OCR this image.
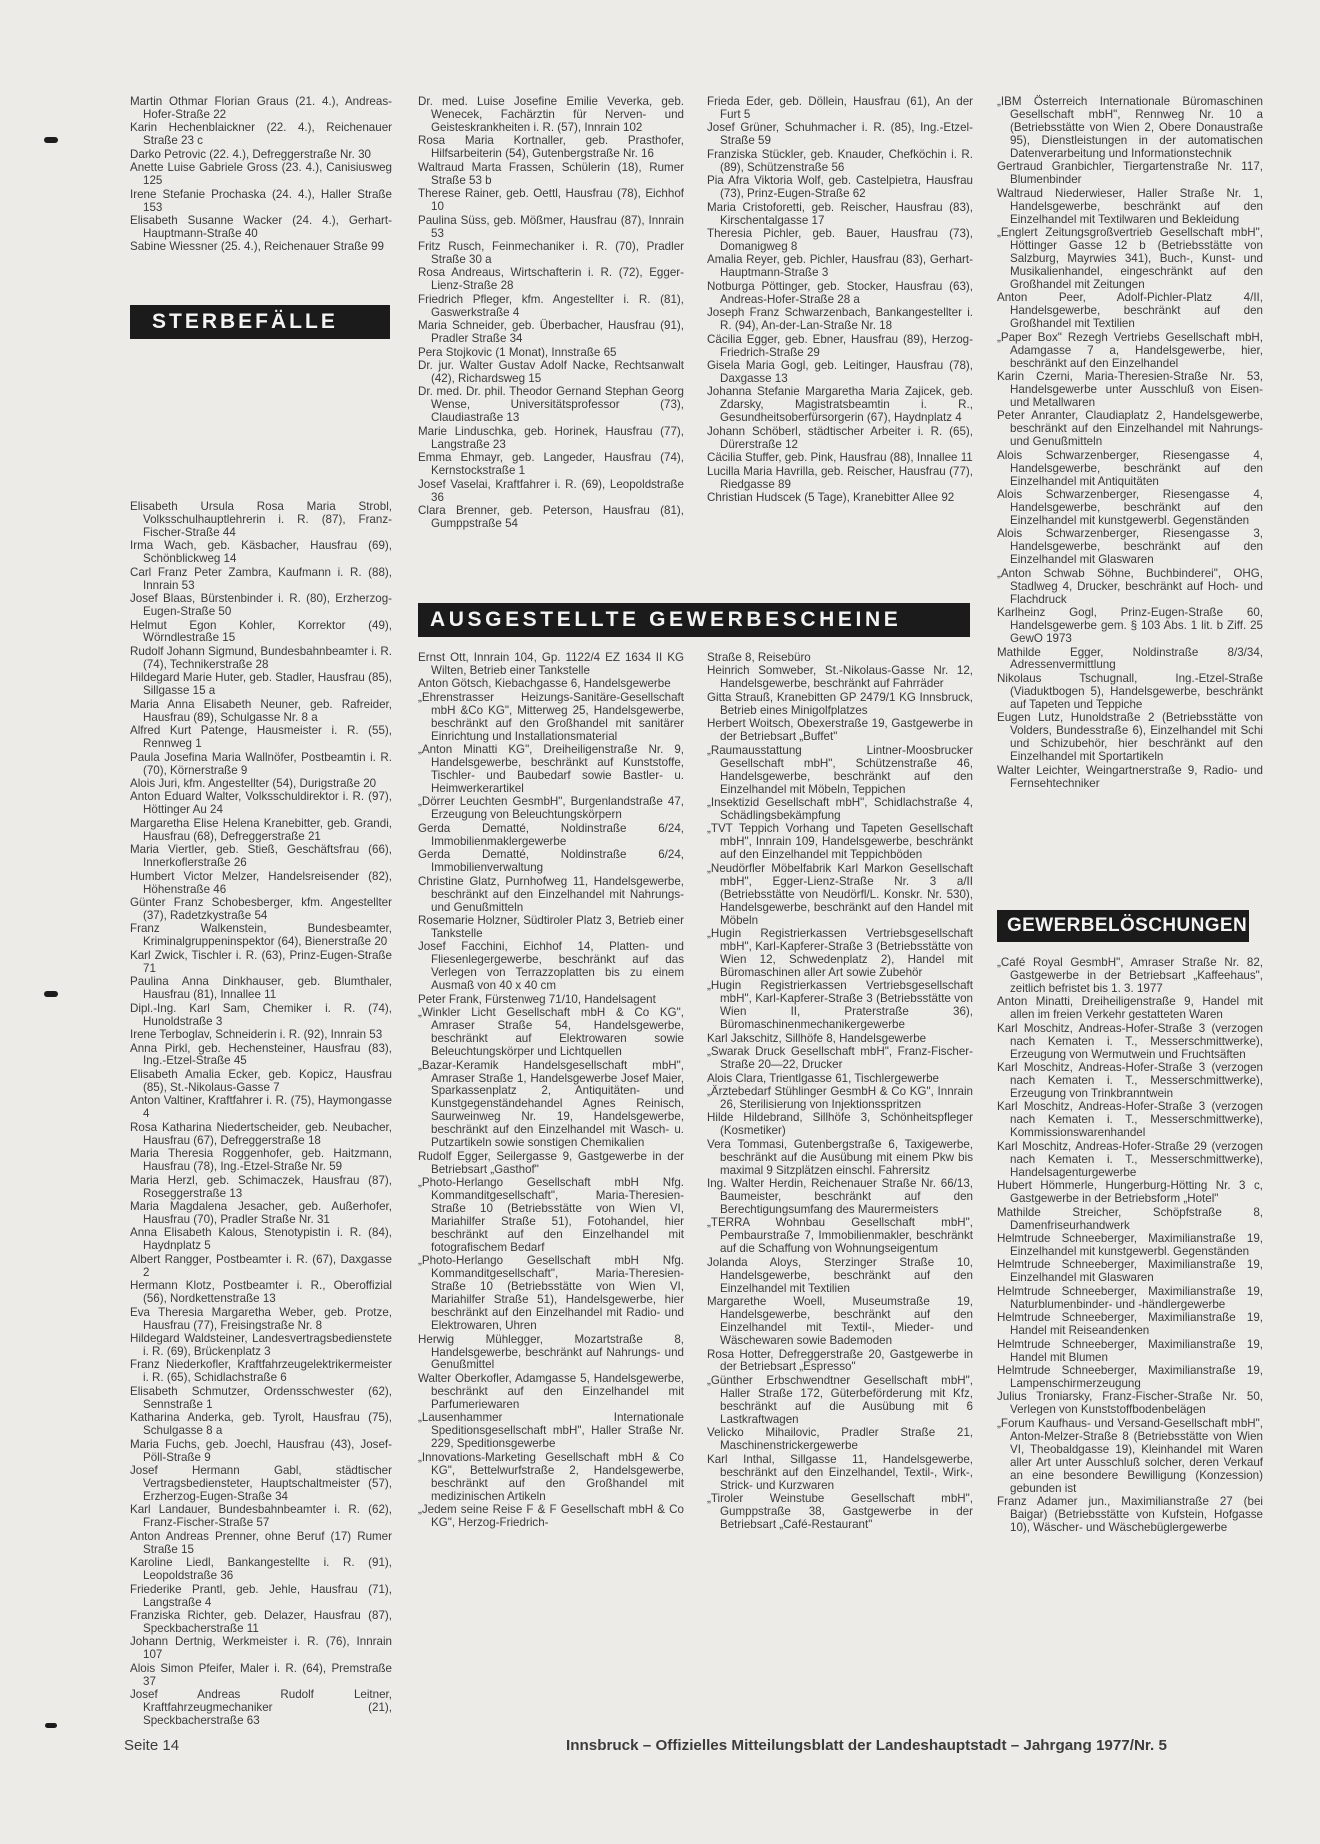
Martin Othmar Florian Graus (21. 4.), Andreas-Hofer-Straße 22
Karin Hechenblaickner (22. 4.), Reichenauer Straße 23 c
Darko Petrovic (22. 4.), Defreggerstraße Nr. 30
Anette Luise Gabriele Gross (23. 4.), Canisiusweg 125
Irene Stefanie Prochaska (24. 4.), Haller Straße 153
Elisabeth Susanne Wacker (24. 4.), Gerhart-Hauptmann-Straße 40
Sabine Wiessner (25. 4.), Reichenauer Straße 99
Elisabeth Ursula Rosa Maria Strobl, Volksschulhauptlehrerin i. R. (87), Franz-Fischer-Straße 44
Irma Wach, geb. Käsbacher, Hausfrau (69), Schönblickweg 14
Carl Franz Peter Zambra, Kaufmann i. R. (88), Innrain 53
Josef Blaas, Bürstenbinder i. R. (80), Erzherzog-Eugen-Straße 50
Helmut Egon Kohler, Korrektor (49), Wörndlestraße 15
Rudolf Johann Sigmund, Bundesbahnbeamter i. R. (74), Technikerstraße 28
Hildegard Marie Huter, geb. Stadler, Hausfrau (85), Sillgasse 15 a
Maria Anna Elisabeth Neuner, geb. Rafreider, Hausfrau (89), Schulgasse Nr. 8 a
Alfred Kurt Patenge, Hausmeister i. R. (55), Rennweg 1
Paula Josefina Maria Wallnöfer, Postbeamtin i. R. (70), Körnerstraße 9
Alois Juri, kfm. Angestellter (54), Durigstraße 20
Anton Eduard Walter, Volksschuldirektor i. R. (97), Höttinger Au 24
Margaretha Elise Helena Kranebitter, geb. Grandi, Hausfrau (68), Defreggerstraße 21
Maria Viertler, geb. Stieß, Geschäftsfrau (66), Innerkoflerstraße 26
Humbert Victor Melzer, Handelsreisender (82), Höhenstraße 46
Günter Franz Schobesberger, kfm. Angestellter (37), Radetzkystraße 54
Franz Walkenstein, Bundesbeamter, Kriminalgruppeninspektor (64), Bienerstraße 20
Karl Zwick, Tischler i. R. (63), Prinz-Eugen-Straße 71
Paulina Anna Dinkhauser, geb. Blumthaler, Hausfrau (81), Innallee 11
Dipl.-Ing. Karl Sam, Chemiker i. R. (74), Hunoldstraße 3
Irene Terboglav, Schneiderin i. R. (92), Innrain 53
Anna Pirkl, geb. Hechensteiner, Hausfrau (83), Ing.-Etzel-Straße 45
Elisabeth Amalia Ecker, geb. Kopicz, Hausfrau (85), St.-Nikolaus-Gasse 7
Anton Valtiner, Kraftfahrer i. R. (75), Haymongasse 4
Rosa Katharina Niedertscheider, geb. Neubacher, Hausfrau (67), Defreggerstraße 18
Maria Theresia Roggenhofer, geb. Haitzmann, Hausfrau (78), Ing.-Etzel-Straße Nr. 59
Maria Herzl, geb. Schimaczek, Hausfrau (87), Roseggerstraße 13
Maria Magdalena Jesacher, geb. Außerhofer, Hausfrau (70), Pradler Straße Nr. 31
Anna Elisabeth Kalous, Stenotypistin i. R. (84), Haydnplatz 5
Albert Rangger, Postbeamter i. R. (67), Daxgasse 2
Hermann Klotz, Postbeamter i. R., Oberoffizial (56), Nordkettenstraße 13
Eva Theresia Margaretha Weber, geb. Protze, Hausfrau (77), Freisingstraße Nr. 8
Hildegard Waldsteiner, Landesvertragsbedienstete i. R. (69), Brückenplatz 3
Franz Niederkofler, Kraftfahrzeugelektrikermeister i. R. (65), Schidlachstraße 6
Elisabeth Schmutzer, Ordensschwester (62), Sennstraße 1
Katharina Anderka, geb. Tyrolt, Hausfrau (75), Schulgasse 8 a
Maria Fuchs, geb. Joechl, Hausfrau (43), Josef-Pöll-Straße 9
Josef Hermann Gabl, städtischer Vertragsbediensteter, Hauptschaltmeister (57), Erzherzog-Eugen-Straße 34
Karl Landauer, Bundesbahnbeamter i. R. (62), Franz-Fischer-Straße 57
Anton Andreas Prenner, ohne Beruf (17) Rumer Straße 15
Karoline Liedl, Bankangestellte i. R. (91), Leopoldstraße 36
Friederike Prantl, geb. Jehle, Hausfrau (71), Langstraße 4
Franziska Richter, geb. Delazer, Hausfrau (87), Speckbacherstraße 11
Johann Dertnig, Werkmeister i. R. (76), Innrain 107
Alois Simon Pfeifer, Maler i. R. (64), Premstraße 37
Josef Andreas Rudolf Leitner, Kraftfahrzeugmechaniker (21), Speckbacherstraße 63
STERBEFÄLLE
Dr. med. Luise Josefine Emilie Veverka, geb. Wenecek, Fachärztin für Nerven- und Geisteskrankheiten i. R. (57), Innrain 102
Rosa Maria Kortnaller, geb. Prasthofer, Hilfsarbeiterin (54), Gutenbergstraße Nr. 16
Waltraud Marta Frassen, Schülerin (18), Rumer Straße 53 b
Therese Rainer, geb. Oettl, Hausfrau (78), Eichhof 10
Paulina Süss, geb. Mößmer, Hausfrau (87), Innrain 53
Fritz Rusch, Feinmechaniker i. R. (70), Pradler Straße 30 a
Rosa Andreaus, Wirtschafterin i. R. (72), Egger-Lienz-Straße 28
Friedrich Pfleger, kfm. Angestellter i. R. (81), Gaswerkstraße 4
Maria Schneider, geb. Überbacher, Hausfrau (91), Pradler Straße 34
Pera Stojkovic (1 Monat), Innstraße 65
Dr. jur. Walter Gustav Adolf Nacke, Rechtsanwalt (42), Richardsweg 15
Dr. med. Dr. phil. Theodor Gernand Stephan Georg Wense, Universitätsprofessor (73), Claudiastraße 13
Marie Linduschka, geb. Horinek, Hausfrau (77), Langstraße 23
Emma Ehmayr, geb. Langeder, Hausfrau (74), Kernstockstraße 1
Josef Vaselai, Kraftfahrer i. R. (69), Leopoldstraße 36
Clara Brenner, geb. Peterson, Hausfrau (81), Gumppstraße 54
Frieda Eder, geb. Döllein, Hausfrau (61), An der Furt 5
Josef Grüner, Schuhmacher i. R. (85), Ing.-Etzel-Straße 59
Franziska Stückler, geb. Knauder, Chefköchin i. R. (89), Schützenstraße 56
Pia Afra Viktoria Wolf, geb. Castelpietra, Hausfrau (73), Prinz-Eugen-Straße 62
Maria Cristoforetti, geb. Reischer, Hausfrau (83), Kirschentalgasse 17
Theresia Pichler, geb. Bauer, Hausfrau (73), Domanigweg 8
Amalia Reyer, geb. Pichler, Hausfrau (83), Gerhart-Hauptmann-Straße 3
Notburga Pöttinger, geb. Stocker, Hausfrau (63), Andreas-Hofer-Straße 28 a
Joseph Franz Schwarzenbach, Bankangestellter i. R. (94), An-der-Lan-Straße Nr. 18
Cäcilia Egger, geb. Ebner, Hausfrau (89), Herzog-Friedrich-Straße 29
Gisela Maria Gogl, geb. Leitinger, Hausfrau (78), Daxgasse 13
Johanna Stefanie Margaretha Maria Zajicek, geb. Zdarsky, Magistratsbeamtin i. R., Gesundheitsoberfürsorgerin (67), Haydnplatz 4
Johann Schöberl, städtischer Arbeiter i. R. (65), Dürerstraße 12
Cäcilia Stuffer, geb. Pink, Hausfrau (88), Innallee 11
Lucilla Maria Havrilla, geb. Reischer, Hausfrau (77), Riedgasse 89
Christian Hudscek (5 Tage), Kranebitter Allee 92
AUSGESTELLTE GEWERBESCHEINE
Ernst Ott, Innrain 104, Gp. 1122/4 EZ 1634 II KG Wilten, Betrieb einer Tankstelle
Anton Götsch, Kiebachgasse 6, Handelsgewerbe
„Ehrenstrasser Heizungs-Sanitäre-Gesellschaft mbH &Co KG", Mitterweg 25, Handelsgewerbe, beschränkt auf den Großhandel mit sanitärer Einrichtung und Installationsmaterial
„Anton Minatti KG", Dreiheiligenstraße Nr. 9, Handelsgewerbe, beschränkt auf Kunststoffe, Tischler- und Baubedarf sowie Bastler- u. Heimwerkerartikel
„Dörrer Leuchten GesmbH", Burgenlandstraße 47, Erzeugung von Beleuchtungskörpern
Gerda Dematté, Noldinstraße 6/24, Immobilienmaklergewerbe
Gerda Dematté, Noldinstraße 6/24, Immobilienverwaltung
Christine Glatz, Purnhofweg 11, Handelsgewerbe, beschränkt auf den Einzelhandel mit Nahrungs- und Genußmitteln
Rosemarie Holzner, Südtiroler Platz 3, Betrieb einer Tankstelle
Josef Facchini, Eichhof 14, Platten- und Fliesenlegergewerbe, beschränkt auf das Verlegen von Terrazzoplatten bis zu einem Ausmaß von 40 x 40 cm
Peter Frank, Fürstenweg 71/10, Handelsagent
„Winkler Licht Gesellschaft mbH & Co KG", Amraser Straße 54, Handelsgewerbe, beschränkt auf Elektrowaren sowie Beleuchtungskörper und Lichtquellen
„Bazar-Keramik Handelsgesellschaft mbH", Amraser Straße 1, Handelsgewerbe Josef Maier, Sparkassenplatz 2, Antiquitäten- und Kunstgegenständehandel Agnes Reinisch, Saurweinweg Nr. 19, Handelsgewerbe, beschränkt auf den Einzelhandel mit Wasch- u. Putzartikeln sowie sonstigen Chemikalien
Rudolf Egger, Seilergasse 9, Gastgewerbe in der Betriebsart „Gasthof"
„Photo-Herlango Gesellschaft mbH Nfg. Kommanditgesellschaft", Maria-Theresien-Straße 10 (Betriebsstätte von Wien VI, Mariahilfer Straße 51), Fotohandel, hier beschränkt auf den Einzelhandel mit fotografischem Bedarf
„Photo-Herlango Gesellschaft mbH Nfg. Kommanditgesellschaft", Maria-Theresien-Straße 10 (Betriebsstätte von Wien VI, Mariahilfer Straße 51), Handelsgewerbe, hier beschränkt auf den Einzelhandel mit Radio- und Elektrowaren, Uhren
Herwig Mühlegger, Mozartstraße 8, Handelsgewerbe, beschränkt auf Nahrungs- und Genußmittel
Walter Oberkofler, Adamgasse 5, Handelsgewerbe, beschränkt auf den Einzelhandel mit Parfumeriewaren
„Lausenhammer Internationale Speditionsgesellschaft mbH", Haller Straße Nr. 229, Speditionsgewerbe
„Innovations-Marketing Gesellschaft mbH & Co KG", Bettelwurfstraße 2, Handelsgewerbe, beschränkt auf den Großhandel mit medizinischen Artikeln
„Jedem seine Reise F & F Gesellschaft mbH & Co KG", Herzog-Friedrich-
Straße 8, Reisebüro
Heinrich Somweber, St.-Nikolaus-Gasse Nr. 12, Handelsgewerbe, beschränkt auf Fahrräder
Gitta Strauß, Kranebitten GP 2479/1 KG Innsbruck, Betrieb eines Minigolfplatzes
Herbert Woitsch, Obexerstraße 19, Gastgewerbe in der Betriebsart „Buffet"
„Raumausstattung Lintner-Moosbrucker Gesellschaft mbH", Schützenstraße 46, Handelsgewerbe, beschränkt auf den Einzelhandel mit Möbeln, Teppichen
„Insektizid Gesellschaft mbH", Schidlachstraße 4, Schädlingsbekämpfung
„TVT Teppich Vorhang und Tapeten Gesellschaft mbH", Innrain 109, Handelsgewerbe, beschränkt auf den Einzelhandel mit Teppichböden
„Neudörfler Möbelfabrik Karl Markon Gesellschaft mbH", Egger-Lienz-Straße Nr. 3 a/II (Betriebsstätte von Neudörfl/L. Konskr. Nr. 530), Handelsgewerbe, beschränkt auf den Handel mit Möbeln
„Hugin Registrierkassen Vertriebsgesellschaft mbH", Karl-Kapferer-Straße 3 (Betriebsstätte von Wien 12, Schwedenplatz 2), Handel mit Büromaschinen aller Art sowie Zubehör
„Hugin Registrierkassen Vertriebsgesellschaft mbH", Karl-Kapferer-Straße 3 (Betriebsstätte von Wien II, Praterstraße 36), Büromaschinenmechanikergewerbe
Karl Jakschitz, Sillhöfe 8, Handelsgewerbe
„Swarak Druck Gesellschaft mbH", Franz-Fischer-Straße 20—22, Drucker
Alois Clara, Trientlgasse 61, Tischlergewerbe
„Ärztebedarf Stühlinger GesmbH & Co KG", Innrain 26, Sterilisierung von Injektionsspritzen
Hilde Hildebrand, Sillhöfe 3, Schönheitspfleger (Kosmetiker)
Vera Tommasi, Gutenbergstraße 6, Taxigewerbe, beschränkt auf die Ausübung mit einem Pkw bis maximal 9 Sitzplätzen einschl. Fahrersitz
Ing. Walter Herdin, Reichenauer Straße Nr. 66/13, Baumeister, beschränkt auf den Berechtigungsumfang des Maurermeisters
„TERRA Wohnbau Gesellschaft mbH", Pembaurstraße 7, Immobilienmakler, beschränkt auf die Schaffung von Wohnungseigentum
Jolanda Aloys, Sterzinger Straße 10, Handelsgewerbe, beschränkt auf den Einzelhandel mit Textilien
Margarethe Woell, Museumstraße 19, Handelsgewerbe, beschränkt auf den Einzelhandel mit Textil-, Mieder- und Wäschewaren sowie Bademoden
Rosa Hotter, Defreggerstraße 20, Gastgewerbe in der Betriebsart „Espresso"
„Günther Erbschwendtner Gesellschaft mbH", Haller Straße 172, Güterbeförderung mit Kfz, beschränkt auf die Ausübung mit 6 Lastkraftwagen
Velicko Mihailovic, Pradler Straße 21, Maschinenstrickergewerbe
Karl Inthal, Sillgasse 11, Handelsgewerbe, beschränkt auf den Einzelhandel, Textil-, Wirk-, Strick- und Kurzwaren
„Tiroler Weinstube Gesellschaft mbH", Gumppstraße 38, Gastgewerbe in der Betriebsart „Café-Restaurant"
„IBM Österreich Internationale Büromaschinen Gesellschaft mbH", Rennweg Nr. 10 a (Betriebsstätte von Wien 2, Obere Donaustraße 95), Dienstleistungen in der automatischen Datenverarbeitung und Informationstechnik
Gertraud Granbichler, Tiergartenstraße Nr. 117, Blumenbinder
Waltraud Niederwieser, Haller Straße Nr. 1, Handelsgewerbe, beschränkt auf den Einzelhandel mit Textilwaren und Bekleidung
„Englert Zeitungsgroßvertrieb Gesellschaft mbH", Höttinger Gasse 12 b (Betriebsstätte von Salzburg, Mayrwies 341), Buch-, Kunst- und Musikalienhandel, eingeschränkt auf den Großhandel mit Zeitungen
Anton Peer, Adolf-Pichler-Platz 4/II, Handelsgewerbe, beschränkt auf den Großhandel mit Textilien
„Paper Box" Rezegh Vertriebs Gesellschaft mbH, Adamgasse 7 a, Handelsgewerbe, hier, beschränkt auf den Einzelhandel
Karin Czerni, Maria-Theresien-Straße Nr. 53, Handelsgewerbe unter Ausschluß von Eisen- und Metallwaren
Peter Anranter, Claudiaplatz 2, Handelsgewerbe, beschränkt auf den Einzelhandel mit Nahrungs- und Genußmitteln
Alois Schwarzenberger, Riesengasse 4, Handelsgewerbe, beschränkt auf den Einzelhandel mit Antiquitäten
Alois Schwarzenberger, Riesengasse 4, Handelsgewerbe, beschränkt auf den Einzelhandel mit kunstgewerbl. Gegenständen
Alois Schwarzenberger, Riesengasse 3, Handelsgewerbe, beschränkt auf den Einzelhandel mit Glaswaren
„Anton Schwab Söhne, Buchbinderei", OHG, Stadlweg 4, Drucker, beschränkt auf Hoch- und Flachdruck
Karlheinz Gogl, Prinz-Eugen-Straße 60, Handelsgewerbe gem. § 103 Abs. 1 lit. b Ziff. 25 GewO 1973
Mathilde Egger, Noldinstraße 8/3/34, Adressenvermittlung
Nikolaus Tschugnall, Ing.-Etzel-Straße (Viaduktbogen 5), Handelsgewerbe, beschränkt auf Tapeten und Teppiche
Eugen Lutz, Hunoldstraße 2 (Betriebsstätte von Volders, Bundesstraße 6), Einzelhandel mit Schi und Schizubehör, hier beschränkt auf den Einzelhandel mit Sportartikeln
Walter Leichter, Weingartnerstraße 9, Radio- und Fernsehtechniker
GEWERBELÖSCHUNGEN
„Café Royal GesmbH", Amraser Straße Nr. 82, Gastgewerbe in der Betriebsart „Kaffeehaus", zeitlich befristet bis 1. 3. 1977
Anton Minatti, Dreiheiligenstraße 9, Handel mit allen im freien Verkehr gestatteten Waren
Karl Moschitz, Andreas-Hofer-Straße 3 (verzogen nach Kematen i. T., Messerschmittwerke), Erzeugung von Wermutwein und Fruchtsäften
Karl Moschitz, Andreas-Hofer-Straße 3 (verzogen nach Kematen i. T., Messerschmittwerke), Erzeugung von Trinkbranntwein
Karl Moschitz, Andreas-Hofer-Straße 3 (verzogen nach Kematen i. T., Messerschmittwerke), Kommissionswarenhandel
Karl Moschitz, Andreas-Hofer-Straße 29 (verzogen nach Kematen i. T., Messerschmittwerke), Handelsagenturgewerbe
Hubert Hömmerle, Hungerburg-Hötting Nr. 3 c, Gastgewerbe in der Betriebsform „Hotel"
Mathilde Streicher, Schöpfstraße 8, Damenfriseurhandwerk
Helmtrude Schneeberger, Maximilianstraße 19, Einzelhandel mit kunstgewerbl. Gegenständen
Helmtrude Schneeberger, Maximilianstraße 19, Einzelhandel mit Glaswaren
Helmtrude Schneeberger, Maximilianstraße 19, Naturblumenbinder- und -händlergewerbe
Helmtrude Schneeberger, Maximilianstraße 19, Handel mit Reiseandenken
Helmtrude Schneeberger, Maximilianstraße 19, Handel mit Blumen
Helmtrude Schneeberger, Maximilianstraße 19, Lampenschirmerzeugung
Julius Troniarsky, Franz-Fischer-Straße Nr. 50, Verlegen von Kunststoffbodenbelägen
„Forum Kaufhaus- und Versand-Gesellschaft mbH", Anton-Melzer-Straße 8 (Betriebsstätte von Wien VI, Theobaldgasse 19), Kleinhandel mit Waren aller Art unter Ausschluß solcher, deren Verkauf an eine besondere Bewilligung (Konzession) gebunden ist
Franz Adamer jun., Maximilianstraße 27 (bei Baigar) (Betriebsstätte von Kufstein, Hofgasse 10), Wäscher- und Wäschebüglergewerbe
Seite 14	Innsbruck – Offizielles Mitteilungsblatt der Landeshauptstadt – Jahrgang 1977/Nr. 5
